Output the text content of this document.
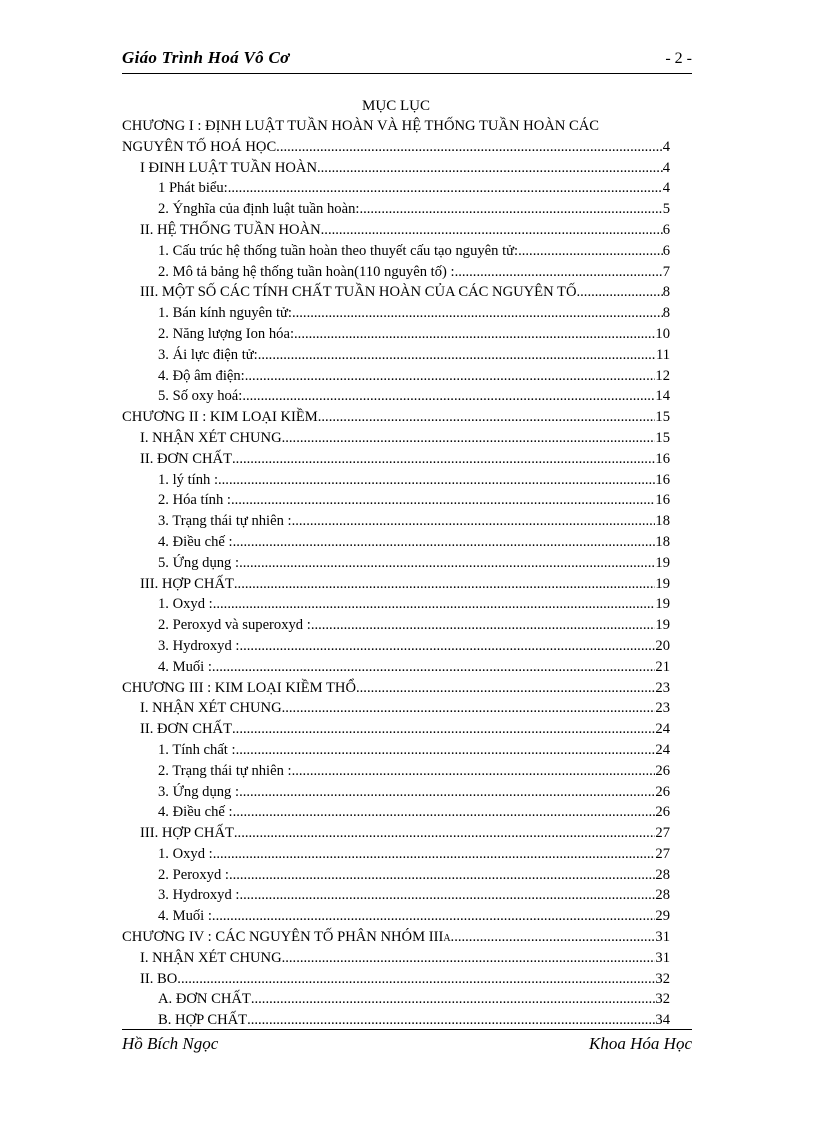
Giáo Trình Hoá Vô Cơ	- 2 -
MỤC LỤC
CHƯƠNG I : ĐỊNH LUẬT TUẦN HOÀN VÀ HỆ THỐNG TUẦN HOÀN CÁC
NGUYÊN TỐ HOÁ HỌC. .....	4
I ĐINH LUẬT TUẦN HOÀN .....	4
1 Phát biểu: .....	4
2. Ýnghĩa của định luật tuần hoàn: .....	5
II. HỆ THỐNG TUẦN HOÀN .....	6
1. Cấu trúc hệ thống tuần hoàn theo thuyết cấu tạo nguyên tử: .....	6
2. Mô tả bảng hệ thống tuần hoàn(110 nguyên tố) : .....	7
III. MỘT SỐ CÁC TÍNH CHẤT TUẦN HOÀN CỦA CÁC NGUYÊN TỐ. .....	8
1. Bán kính nguyên tử: .....	8
2. Năng lượng Ion hóa: .....	10
3. Ái lực điện tử: .....	11
4. Độ âm điện: .....	12
5. Số oxy hoá: .....	14
CHƯƠNG II : KIM LOẠI KIỀM .....	15
I. NHẬN XÉT CHUNG .....	15
II. ĐƠN CHẤT .....	16
1. lý tính : .....	16
2. Hóa tính : .....	16
3. Trạng thái tự nhiên : .....	18
4. Điều chế : .....	18
5. Ứng dụng : .....	19
III. HỢP CHẤT .....	19
1. Oxyd : .....	19
2. Peroxyd và superoxyd : .....	19
3. Hydroxyd : .....	20
4. Muối : .....	21
CHƯƠNG III : KIM LOẠI KIỀM THỔ .....	23
I. NHẬN XÉT CHUNG .....	23
II. ĐƠN CHẤT .....	24
1. Tính chất : .....	24
2. Trạng thái tự nhiên : .....	26
3. Ứng dụng : .....	26
4. Điều chế : .....	26
III. HỢP CHẤT .....	27
1. Oxyd : .....	27
2. Peroxyd : .....	28
3. Hydroxyd : .....	28
4. Muối : .....	29
CHƯƠNG IV : CÁC NGUYÊN TỐ PHÂN NHÓM III A .....	31
I. NHẬN XÉT CHUNG .....	31
II. BO .....	32
A. ĐƠN CHẤT .....	32
B. HỢP CHẤT .....	34
Hồ Bích Ngọc	Khoa Hóa Học
